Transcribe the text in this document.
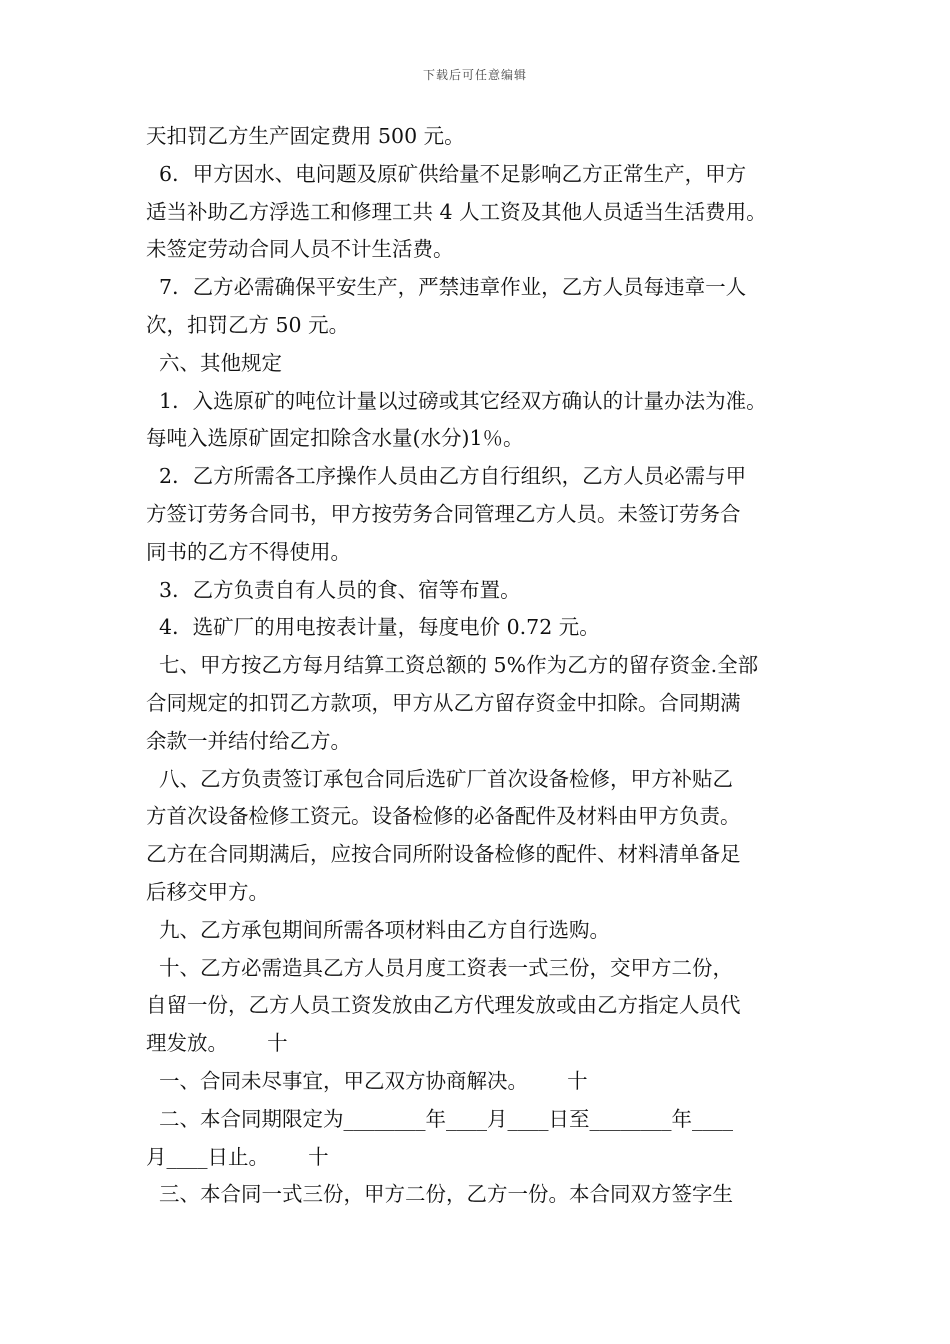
下载后可任意编辑
天扣罚乙方生产固定费用 500 元。
6．甲方因水、电问题及原矿供给量不足影响乙方正常生产，甲方
适当补助乙方浮选工和修理工共 4 人工资及其他人员适当生活费用。
未签定劳动合同人员不计生活费。
7．乙方必需确保平安生产，严禁违章作业，乙方人员每违章一人
次，扣罚乙方 50 元。
六、其他规定
1．入选原矿的吨位计量以过磅或其它经双方确认的计量办法为准。
每吨入选原矿固定扣除含水量(水分)1％。
2．乙方所需各工序操作人员由乙方自行组织，乙方人员必需与甲
方签订劳务合同书，甲方按劳务合同管理乙方人员。未签订劳务合
同书的乙方不得使用。
3．乙方负责自有人员的食、宿等布置。
4．选矿厂的用电按表计量，每度电价 0.72 元。
七、甲方按乙方每月结算工资总额的 5%作为乙方的留存资金.全部
合同规定的扣罚乙方款项，甲方从乙方留存资金中扣除。合同期满
余款一并结付给乙方。
八、乙方负责签订承包合同后选矿厂首次设备检修，甲方补贴乙
方首次设备检修工资元。设备检修的必备配件及材料由甲方负责。
乙方在合同期满后，应按合同所附设备检修的配件、材料清单备足
后移交甲方。
九、乙方承包期间所需各项材料由乙方自行选购。
十、乙方必需造具乙方人员月度工资表一式三份，交甲方二份，
自留一份，乙方人员工资发放由乙方代理发放或由乙方指定人员代
理发放。      十
一、合同未尽事宜，甲乙双方协商解决。      十
二、本合同期限定为________年____月____日至________年____
月____日止。      十
三、本合同一式三份，甲方二份，乙方一份。本合同双方签字生
